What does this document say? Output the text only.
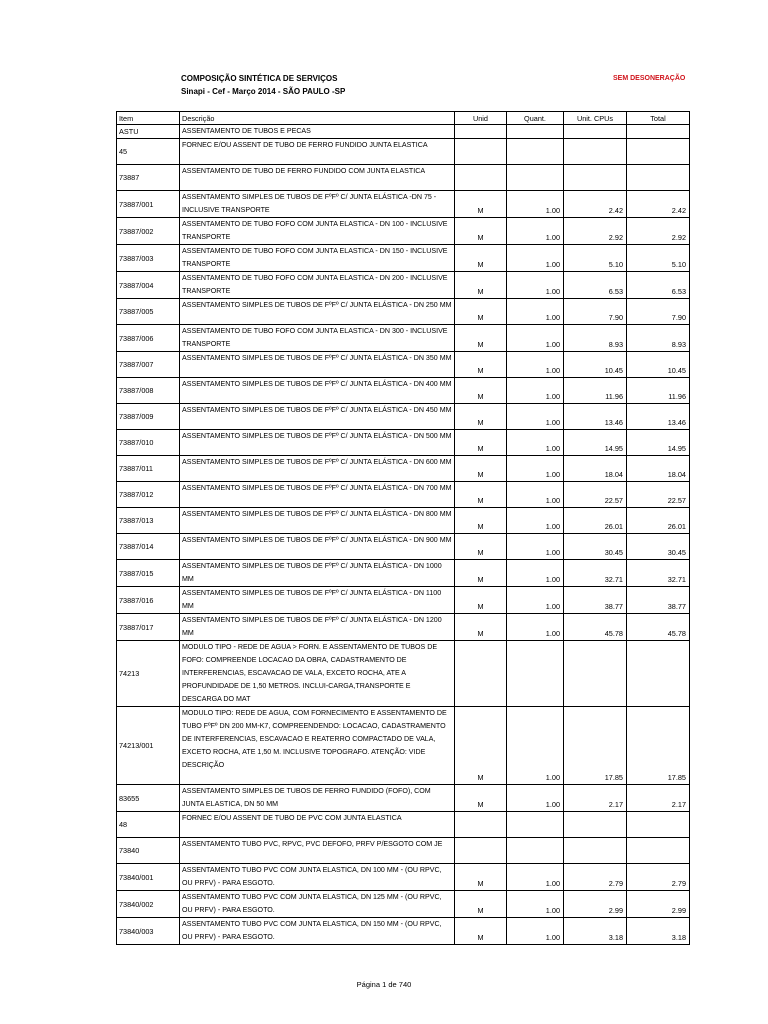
COMPOSIÇÃO SINTÉTICA DE SERVIÇOS
Sinapi - Cef - Março 2014 - SÃO PAULO -SP
SEM DESONERAÇÃO
Item	Descrição	Unid	Quant.	Unit. CPUs	Total
ASTU	ASSENTAMENTO DE TUBOS E PECAS				
45	FORNEC E/OU ASSENT DE TUBO DE FERRO FUNDIDO JUNTA ELASTICA				
73887	ASSENTAMENTO DE TUBO DE FERRO FUNDIDO COM JUNTA ELASTICA				
73887/001	ASSENTAMENTO SIMPLES DE TUBOS DE FºFº C/ JUNTA ELÁSTICA -DN 75 - INCLUSIVE TRANSPORTE	M	1.00	2.42	2.42
73887/002	ASSENTAMENTO DE TUBO FOFO COM JUNTA ELASTICA - DN 100 - INCLUSIVE TRANSPORTE	M	1.00	2.92	2.92
73887/003	ASSENTAMENTO DE TUBO FOFO COM JUNTA ELASTICA - DN 150 - INCLUSIVE TRANSPORTE	M	1.00	5.10	5.10
73887/004	ASSENTAMENTO DE TUBO FOFO COM JUNTA ELASTICA - DN 200 - INCLUSIVE TRANSPORTE	M	1.00	6.53	6.53
73887/005	ASSENTAMENTO SIMPLES DE TUBOS DE FºFº C/ JUNTA ELÁSTICA - DN 250 MM	M	1.00	7.90	7.90
73887/006	ASSENTAMENTO DE TUBO FOFO COM JUNTA ELASTICA - DN 300 - INCLUSIVE TRANSPORTE	M	1.00	8.93	8.93
73887/007	ASSENTAMENTO SIMPLES DE TUBOS DE FºFº C/ JUNTA ELÁSTICA - DN 350 MM	M	1.00	10.45	10.45
73887/008	ASSENTAMENTO SIMPLES DE TUBOS DE FºFº C/ JUNTA ELÁSTICA - DN 400 MM	M	1.00	11.96	11.96
73887/009	ASSENTAMENTO SIMPLES DE TUBOS DE FºFº C/ JUNTA ELÁSTICA - DN 450 MM	M	1.00	13.46	13.46
73887/010	ASSENTAMENTO SIMPLES DE TUBOS DE FºFº C/ JUNTA ELÁSTICA - DN 500 MM	M	1.00	14.95	14.95
73887/011	ASSENTAMENTO SIMPLES DE TUBOS DE FºFº C/ JUNTA ELÁSTICA - DN 600 MM	M	1.00	18.04	18.04
73887/012	ASSENTAMENTO SIMPLES DE TUBOS DE FºFº C/ JUNTA ELÁSTICA - DN 700 MM	M	1.00	22.57	22.57
73887/013	ASSENTAMENTO SIMPLES DE TUBOS DE FºFº C/ JUNTA ELÁSTICA - DN 800 MM	M	1.00	26.01	26.01
73887/014	ASSENTAMENTO SIMPLES DE TUBOS DE FºFº C/ JUNTA ELÁSTICA - DN 900 MM	M	1.00	30.45	30.45
73887/015	ASSENTAMENTO SIMPLES DE TUBOS DE FºFº C/ JUNTA ELÁSTICA - DN 1000 MM	M	1.00	32.71	32.71
73887/016	ASSENTAMENTO SIMPLES DE TUBOS DE FºFº C/ JUNTA ELÁSTICA - DN 1100 MM	M	1.00	38.77	38.77
73887/017	ASSENTAMENTO SIMPLES DE TUBOS DE FºFº C/ JUNTA ELÁSTICA - DN 1200 MM	M	1.00	45.78	45.78
74213	MODULO TIPO - REDE DE AGUA > FORN. E ASSENTAMENTO DE TUBOS DE FOFO: COMPREENDE LOCACAO DA OBRA, CADASTRAMENTO DE INTERFERENCIAS, ESCAVACAO DE VALA, EXCETO ROCHA, ATE A PROFUNDIDADE DE 1,50 METROS. INCLUI-CARGA,TRANSPORTE E DESCARGA DO MAT				
74213/001	MODULO TIPO: REDE DE AGUA, COM FORNECIMENTO E ASSENTAMENTO DE TUBO FºFº DN 200 MM-K7, COMPREENDENDO: LOCACAO, CADASTRAMENTO DE INTERFERENCIAS, ESCAVACAO E REATERRO COMPACTADO DE VALA, EXCETO ROCHA, ATE 1,50 M. INCLUSIVE TOPOGRAFO. ATENÇÃO: VIDE DESCRIÇÃO	M	1.00	17.85	17.85
83655	ASSENTAMENTO SIMPLES DE TUBOS DE FERRO FUNDIDO (FOFO), COM JUNTA ELASTICA, DN 50 MM	M	1.00	2.17	2.17
48	FORNEC E/OU ASSENT DE TUBO DE PVC COM JUNTA ELASTICA				
73840	ASSENTAMENTO TUBO PVC, RPVC, PVC DEFOFO, PRFV P/ESGOTO COM JE				
73840/001	ASSENTAMENTO TUBO PVC COM JUNTA ELASTICA, DN 100 MM - (OU RPVC, OU PRFV) - PARA ESGOTO.	M	1.00	2.79	2.79
73840/002	ASSENTAMENTO TUBO PVC COM JUNTA ELASTICA, DN 125 MM - (OU RPVC, OU PRFV) - PARA ESGOTO.	M	1.00	2.99	2.99
73840/003	ASSENTAMENTO TUBO PVC COM JUNTA ELASTICA, DN 150 MM - (OU RPVC, OU PRFV) - PARA ESGOTO.	M	1.00	3.18	3.18
Página 1 de 740
